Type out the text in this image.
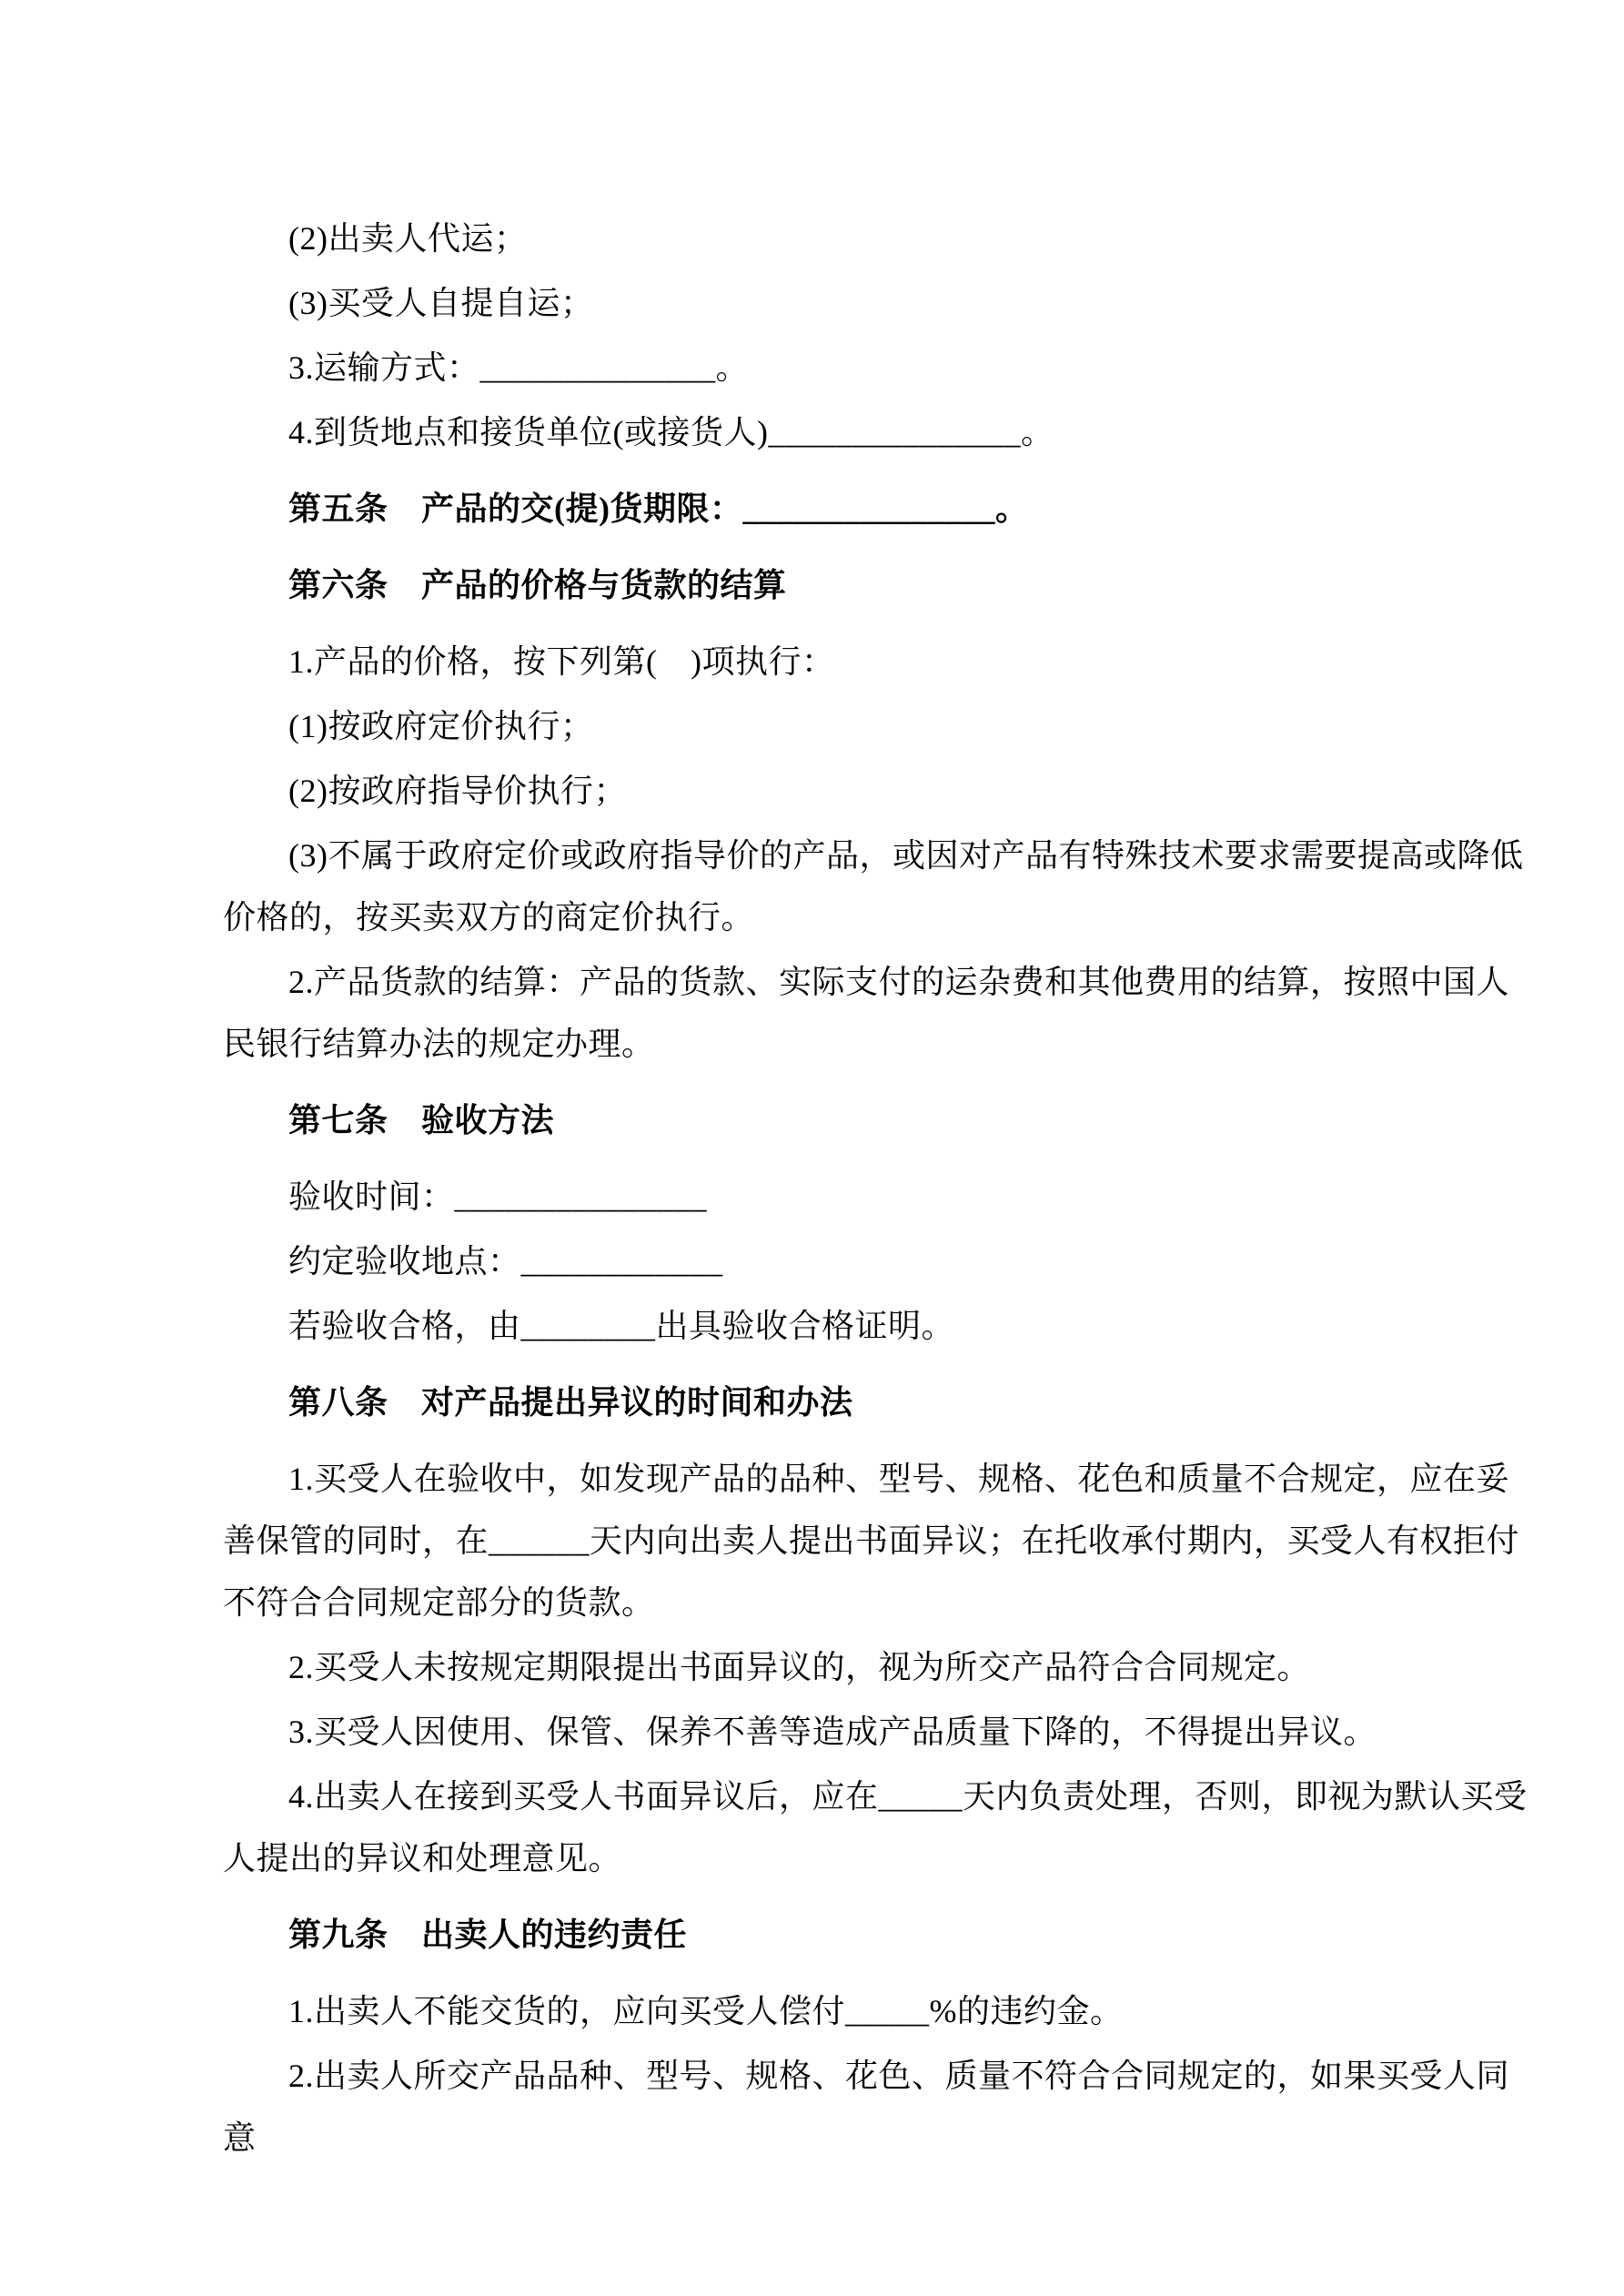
(2)出卖人代运；

(3)买受人自提自运；

3.运输方式：______________。

4.到货地点和接货单位(或接货人)_______________。

第五条　产品的交(提)货期限：_______________。

第六条　产品的价格与货款的结算

1.产品的价格，按下列第(　)项执行：

(1)按政府定价执行；

(2)按政府指导价执行；

(3)不属于政府定价或政府指导价的产品，或因对产品有特殊技术要求需要提高或降低价格的，按买卖双方的商定价执行。

2.产品货款的结算：产品的货款、实际支付的运杂费和其他费用的结算，按照中国人民银行结算办法的规定办理。

第七条　验收方法

验收时间：_______________

约定验收地点：____________

若验收合格，由________出具验收合格证明。

第八条　对产品提出异议的时间和办法

1.买受人在验收中，如发现产品的品种、型号、规格、花色和质量不合规定，应在妥善保管的同时，在______天内向出卖人提出书面异议；在托收承付期内，买受人有权拒付不符合合同规定部分的货款。

2.买受人未按规定期限提出书面异议的，视为所交产品符合合同规定。

3.买受人因使用、保管、保养不善等造成产品质量下降的，不得提出异议。

4.出卖人在接到买受人书面异议后，应在_____天内负责处理，否则，即视为默认买受人提出的异议和处理意见。

第九条　出卖人的违约责任

1.出卖人不能交货的，应向买受人偿付_____%的违约金。

2.出卖人所交产品品种、型号、规格、花色、质量不符合合同规定的，如果买受人同意
